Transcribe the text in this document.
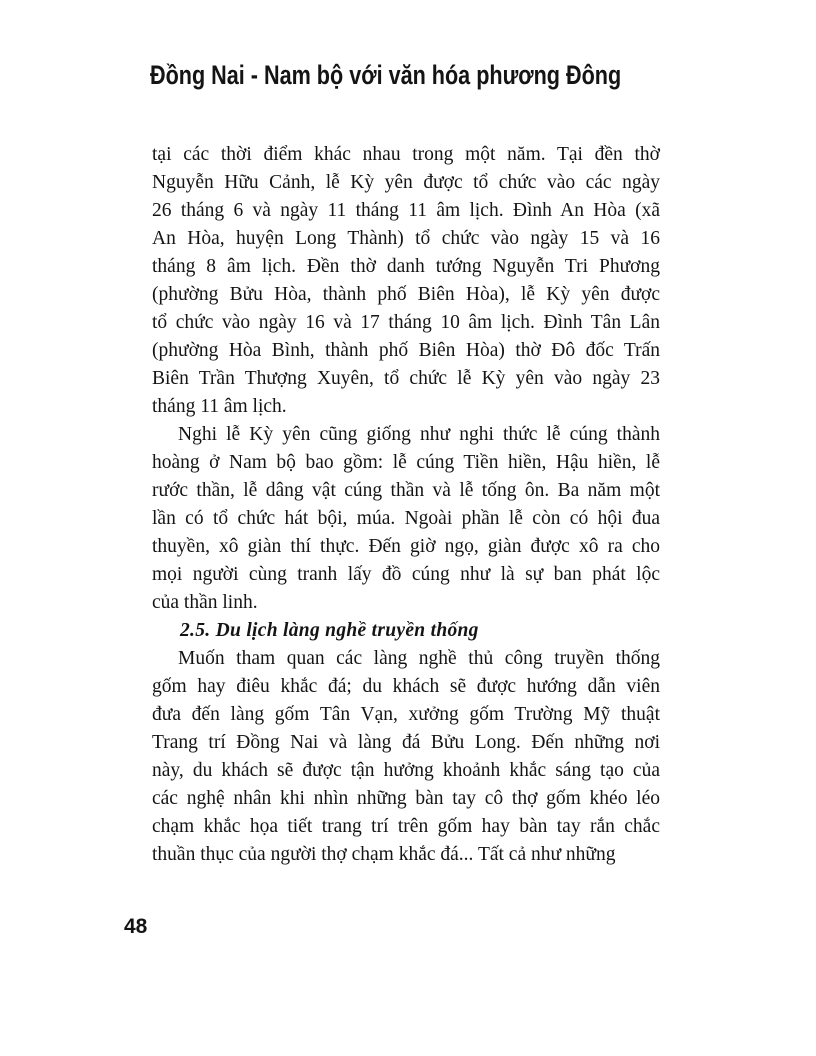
Đồng Nai - Nam bộ với văn hóa phương Đông
tại các thời điểm khác nhau trong một năm. Tại đền thờ
Nguyễn Hữu Cảnh, lễ Kỳ yên được tổ chức vào các ngày
26 tháng 6 và ngày 11 tháng 11 âm lịch. Đình An Hòa (xã
An Hòa, huyện Long Thành) tổ chức vào ngày 15 và 16
tháng 8 âm lịch. Đền thờ danh tướng Nguyễn Tri Phương
(phường Bửu Hòa, thành phố Biên Hòa), lễ Kỳ yên được
tổ chức vào ngày 16 và 17 tháng 10 âm lịch. Đình Tân Lân
(phường Hòa Bình, thành phố Biên Hòa) thờ Đô đốc Trấn
Biên Trần Thượng Xuyên, tổ chức lễ Kỳ yên vào ngày 23
tháng 11 âm lịch.
Nghi lễ Kỳ yên cũng giống như nghi thức lễ cúng thành
hoàng ở Nam bộ bao gồm: lễ cúng Tiền hiền, Hậu hiền, lễ
rước thần, lễ dâng vật cúng thần và lễ tống ôn. Ba năm một
lần có tổ chức hát bội, múa. Ngoài phần lễ còn có hội đua
thuyền, xô giàn thí thực. Đến giờ ngọ, giàn được xô ra cho
mọi người cùng tranh lấy đồ cúng như là sự ban phát lộc
của thần linh.
2.5. Du lịch làng nghề truyền thống
Muốn tham quan các làng nghề thủ công truyền thống
gốm hay điêu khắc đá; du khách sẽ được hướng dẫn viên
đưa đến làng gốm Tân Vạn, xưởng gốm Trường Mỹ thuật
Trang trí Đồng Nai và làng đá Bửu Long. Đến những nơi
này, du khách sẽ được tận hưởng khoảnh khắc sáng tạo của
các nghệ nhân khi nhìn những bàn tay cô thợ gốm khéo léo
chạm khắc họa tiết trang trí trên gốm hay bàn tay rắn chắc
thuần thục của người thợ chạm khắc đá... Tất cả như những
48
